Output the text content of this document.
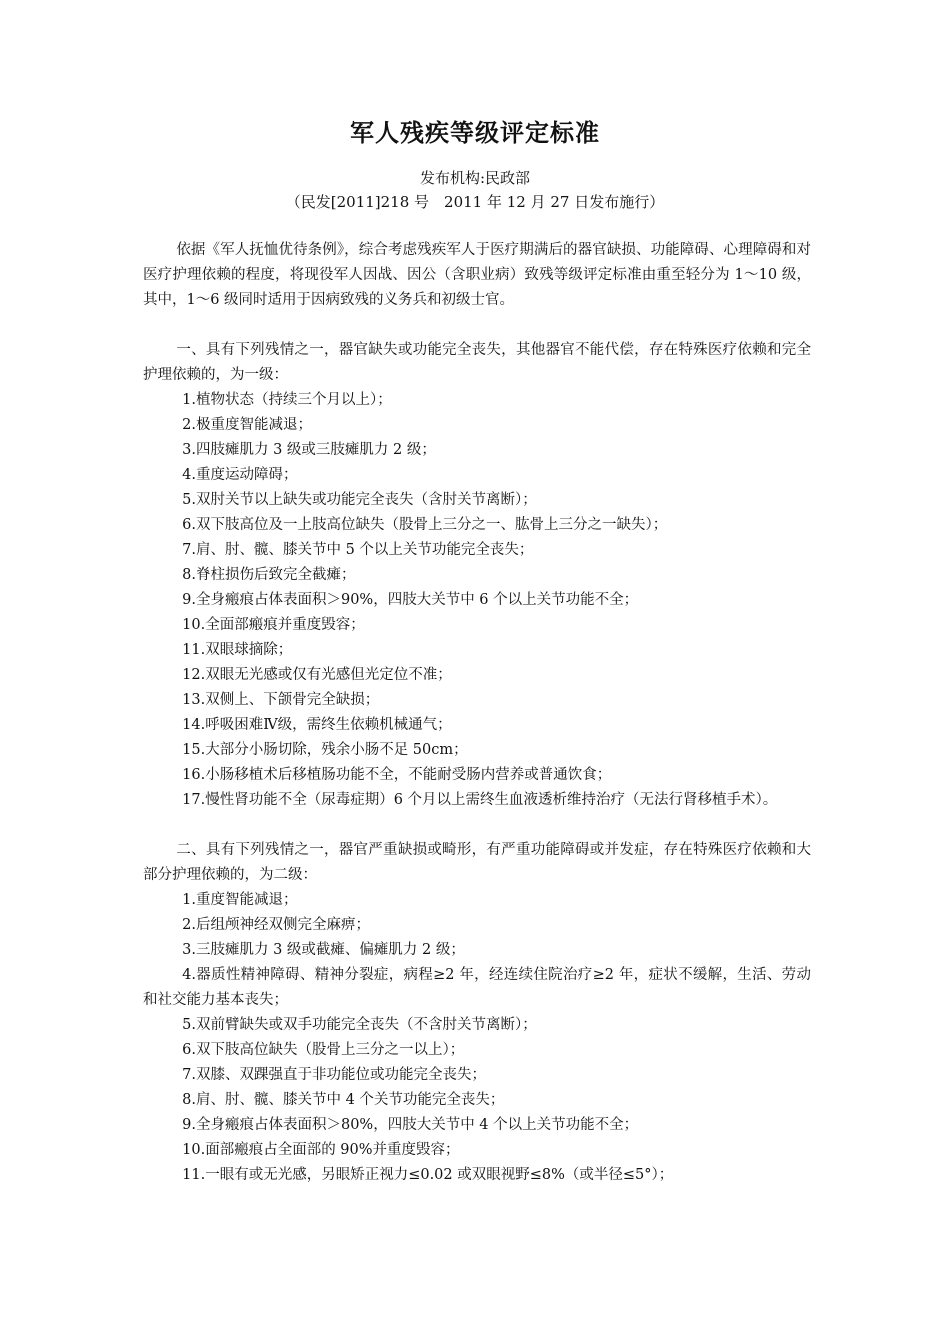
军人残疾等级评定标准
发布机构:民政部
（民发[2011]218 号　2011 年 12 月 27 日发布施行）

依据《军人抚恤优待条例》，综合考虑残疾军人于医疗期满后的器官缺损、功能障碍、心理障碍和对医疗护理依赖的程度，将现役军人因战、因公（含职业病）致残等级评定标准由重至轻分为 1～10 级，其中，1～6 级同时适用于因病致残的义务兵和初级士官。

一、具有下列残情之一，器官缺失或功能完全丧失，其他器官不能代偿，存在特殊医疗依赖和完全护理依赖的，为一级：

1.植物状态（持续三个月以上）；

2.极重度智能减退；

3.四肢瘫肌力 3 级或三肢瘫肌力 2 级；

4.重度运动障碍；

5.双肘关节以上缺失或功能完全丧失（含肘关节离断）；

6.双下肢高位及一上肢高位缺失（股骨上三分之一、肱骨上三分之一缺失）；

7.肩、肘、髋、膝关节中 5 个以上关节功能完全丧失；

8.脊柱损伤后致完全截瘫；

9.全身瘢痕占体表面积＞90%，四肢大关节中 6 个以上关节功能不全；

10.全面部瘢痕并重度毁容；

11.双眼球摘除；

12.双眼无光感或仅有光感但光定位不准；

13.双侧上、下颌骨完全缺损；

14.呼吸困难Ⅳ级，需终生依赖机械通气；

15.大部分小肠切除，残余小肠不足 50cm；

16.小肠移植术后移植肠功能不全，不能耐受肠内营养或普通饮食；

17.慢性肾功能不全（尿毒症期）6 个月以上需终生血液透析维持治疗（无法行肾移植手术）。

二、具有下列残情之一，器官严重缺损或畸形，有严重功能障碍或并发症，存在特殊医疗依赖和大部分护理依赖的，为二级：

1.重度智能减退；

2.后组颅神经双侧完全麻痹；

3.三肢瘫肌力 3 级或截瘫、偏瘫肌力 2 级；

4.器质性精神障碍、精神分裂症，病程≥2 年，经连续住院治疗≥2 年，症状不缓解，生活、劳动和社交能力基本丧失；

5.双前臂缺失或双手功能完全丧失（不含肘关节离断）；

6.双下肢高位缺失（股骨上三分之一以上）；

7.双膝、双踝强直于非功能位或功能完全丧失；

8.肩、肘、髋、膝关节中 4 个关节功能完全丧失；

9.全身瘢痕占体表面积＞80%，四肢大关节中 4 个以上关节功能不全；

10.面部瘢痕占全面部的 90%并重度毁容；

11.一眼有或无光感，另眼矫正视力≤0.02 或双眼视野≤8%（或半径≤5°）；
